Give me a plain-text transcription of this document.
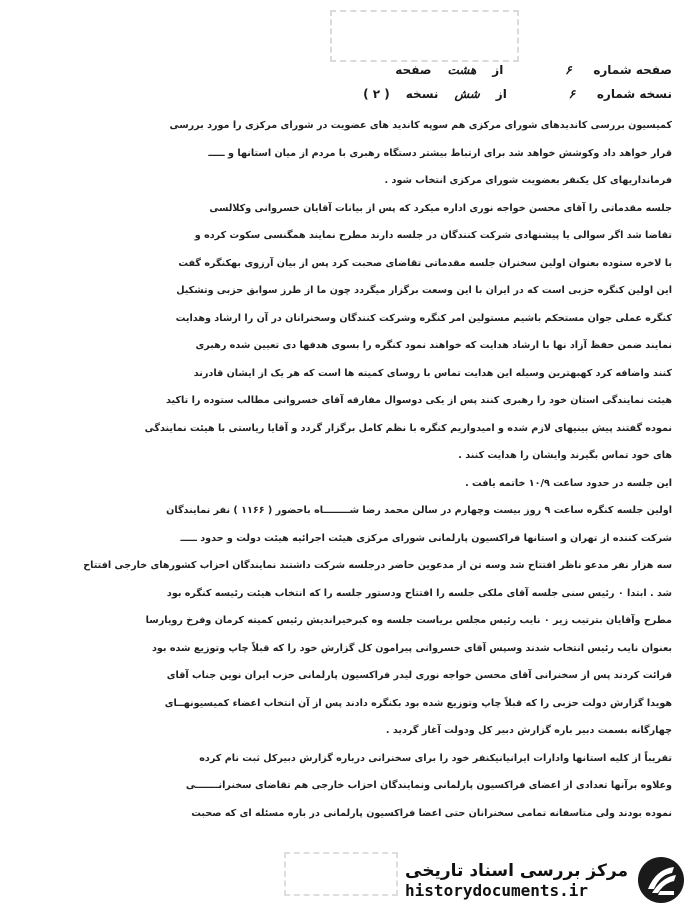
صفحه شماره
۶
از
هشت
صفحه
نسخه شماره
۶
از
شش
نسخه
( ۲ )
کمیسیون بررسی کاندیدهای شورای مرکزی هم سوپه کاندید های عضویت در شورای مرکزی را مورد بررسی
قرار خواهد داد وکوشش خواهد شد برای ارتباط بیشتر دستگاه رهبری با مردم از میان استانها و ـــــ
فرمانداریهای کل یکنفر بعضویت شورای مرکزی انتخاب شود .
جلسه مقدماتی را آقای محسن خواجه نوری اداره میکرد که پس از بیانات آقایان خسروانی وکلالسی
تقاضا شد اگر سوالی یا پیشنهادی شرکت کنندگان در جلسه دارند مطرح نمایند همگنسی سکوت کرده و
با لاخره ستوده بعنوان اولین سخنران جلسه مقدماتی تقاضای صحبت کرد پس از بیان آرزوی بهکنگره گفت
این اولین کنگره حزبی است که در ایران با این وسعت برگزار میگردد چون ما از طرز سوابق حزبی وتشکیل
کنگره عملی جوان مستحکم باشیم مستولین امر کنگره وشرکت کنندگان وسخنرانان در آن را ارشاد وهدایت
نمایند ضمن حفظ آزاد نها با ارشاد هدایت که خواهند نمود کنگره را بسوی هدفها دی تعیین شده رهبری
کنند واضافه کرد کهبهترین وسیله این هدایت تماس با روسای کمیته ها است که هر یک از ایشان قادرند
هیئت نمایندگی استان خود را رهبری کنند پس از یکی دوسوال مفارقه آقای خسروانی مطالب ستوده را تاکید
نموده گفتند پیش بینیهای لازم شده و امیدواریم کنگره با نظم کامل برگزار گردد و آقایا ریاستی با هیئت نمایندگی
های خود تماس بگیرند وایشان را هدایت کنند .
این جلسه در حدود ساعت ۱۰/۹ خاتمه یافت .
اولین جلسه کنگره ساعت ۹ روز بیست وچهارم در سالن محمد رضا شــــــــاه باحضور ( ۱۱۶۶ ) نفر نمایندگان
شرکت کننده از تهران و استانها فراکسیون پارلمانی شورای مرکزی هیئت اجرائیه هیئت دولت و حدود ـــــ
سه هزار نفر مدعو ناظر افتتاح شد وسه تن از مدعوین حاضر درجلسه شرکت داشتند نمایندگان احزاب کشورهای خارجی افتتاح
شد . ابتدا ۰ رئیس سنی جلسه آقای ملکی جلسه را افتتاح ودستور جلسه را که انتخاب هیئت رئیسه کنگره بود
مطرح وآقایان بترتیب زیر ۰ نایب رئیس مجلس بریاست جلسه وه کبرخیراندیش رئیس کمیته کرمان وفرخ رویارسا
بعنوان نایب رئیس انتخاب شدند وسپس آقای خسروانی پیرامون کل گزارش خود را که قبلاً چاپ وتوزیع شده بود
قرائت کردند پس از سخنرانی آقای محسن خواجه نوری لیدر فراکسیون پارلمانی حزب ایران نوین جناب آقای
هویدا گزارش دولت حزبی را که قبلاً چاپ وتوزیع شده بود بکنگره دادند پس از آن انتخاب اعضاء کمیسیونهــای
چهارگانه بسمت دبیر باره گزارش دبیر کل ودولت آغاز گردید .
تقریباً از کلیه استانها وادارات ایرانیانیکنفر خود را برای سخنرانی درباره گزارش دبیرکل ثبت نام کرده
وعلاوه برآنها تعدادی از اعضای فراکسیون پارلمانی ونمایندگان احزاب خارجی هم تقاضای سخنرانـــــــی
نموده بودند ولی متاسفانه تمامی سخنرانان حتی اعضا فراکسیون پارلمانی در باره مسئله ای که صحبت
مرکز بررسی اسناد تاریخی
historydocuments.ir
